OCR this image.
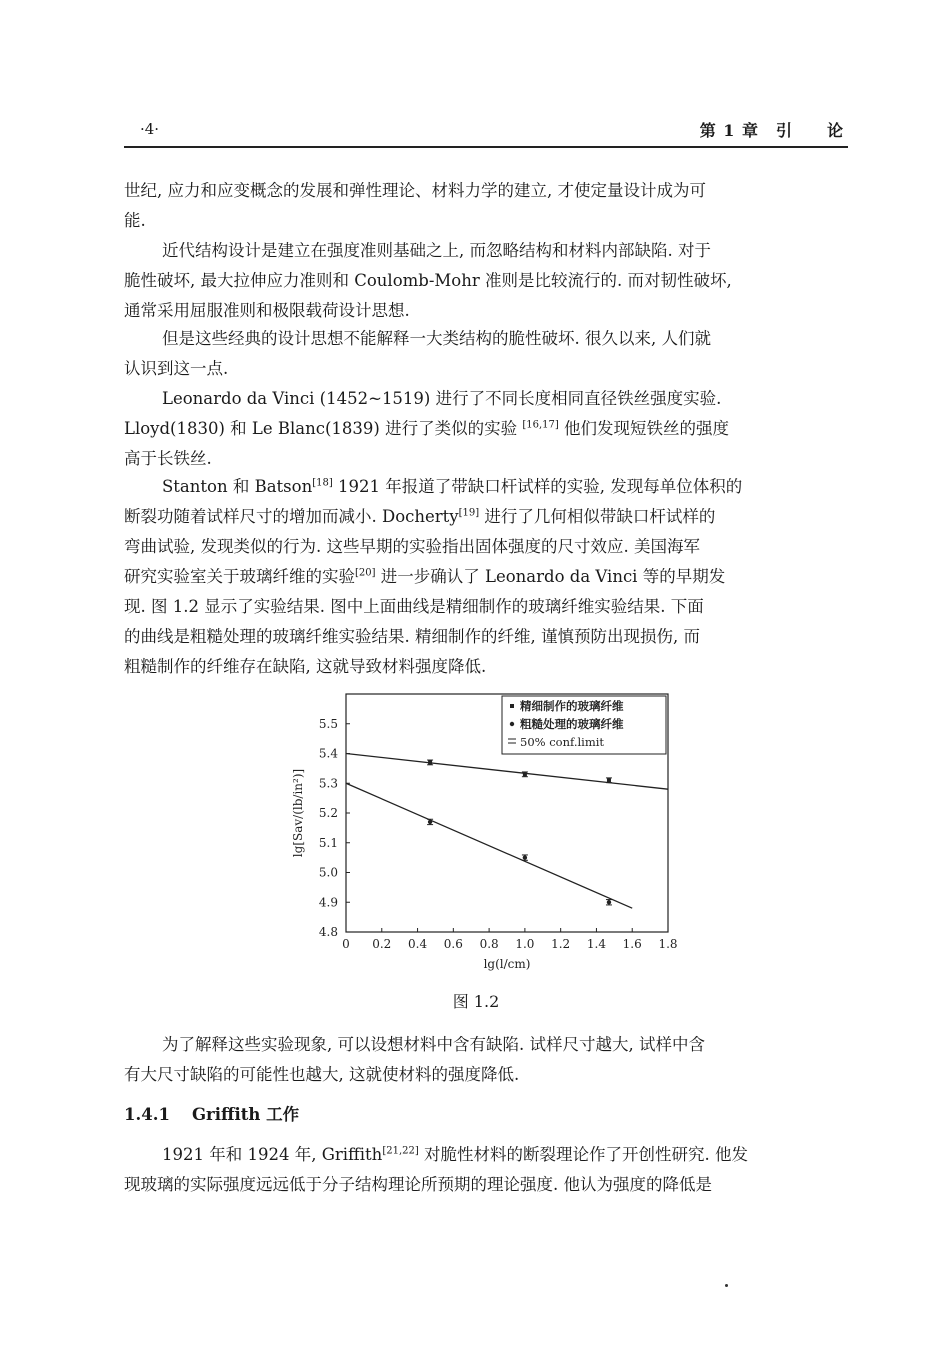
·4·	第 1 章　引　　论
世纪, 应力和应变概念的发展和弹性理论、材料力学的建立, 才使定量设计成为可
能.
近代结构设计是建立在强度准则基础之上, 而忽略结构和材料内部缺陷. 对于
脆性破坏, 最大拉伸应力准则和 Coulomb-Mohr 准则是比较流行的. 而对韧性破坏,
通常采用屈服准则和极限载荷设计思想.
但是这些经典的设计思想不能解释一大类结构的脆性破坏. 很久以来, 人们就
认识到这一点.
Leonardo da Vinci (1452~1519) 进行了不同长度相同直径铁丝强度实验.
Lloyd(1830) 和 Le Blanc(1839) 进行了类似的实验 [16,17] 他们发现短铁丝的强度
高于长铁丝.
Stanton 和 Batson[18] 1921 年报道了带缺口杆试样的实验, 发现每单位体积的
断裂功随着试样尺寸的增加而减小. Docherty[19] 进行了几何相似带缺口杆试样的
弯曲试验, 发现类似的行为. 这些早期的实验指出固体强度的尺寸效应. 美国海军
研究实验室关于玻璃纤维的实验[20] 进一步确认了 Leonardo da Vinci 等的早期发
现. 图 1.2 显示了实验结果. 图中上面曲线是精细制作的玻璃纤维实验结果. 下面
的曲线是粗糙处理的玻璃纤维实验结果. 精细制作的纤维, 谨慎预防出现损伤, 而
粗糙制作的纤维存在缺陷, 这就导致材料强度降低.
0 0.2 0.4 0.6 0.8 1.0 1.2 1.4 1.6 1.8
4.8
4.9
5.0
5.1
5.2
5.3
5.4
5.5
lg(l/cm)
lg[Sav/(lb/in²)]
精细制作的玻璃纤维
粗糙处理的玻璃纤维
50% conf.limit
图 1.2
为了解释这些实验现象, 可以设想材料中含有缺陷. 试样尺寸越大, 试样中含
有大尺寸缺陷的可能性也越大, 这就使材料的强度降低.
1.4.1 Griffith 工作
1921 年和 1924 年, Griffith[21,22] 对脆性材料的断裂理论作了开创性研究. 他发
现玻璃的实际强度远远低于分子结构理论所预期的理论强度. 他认为强度的降低是
